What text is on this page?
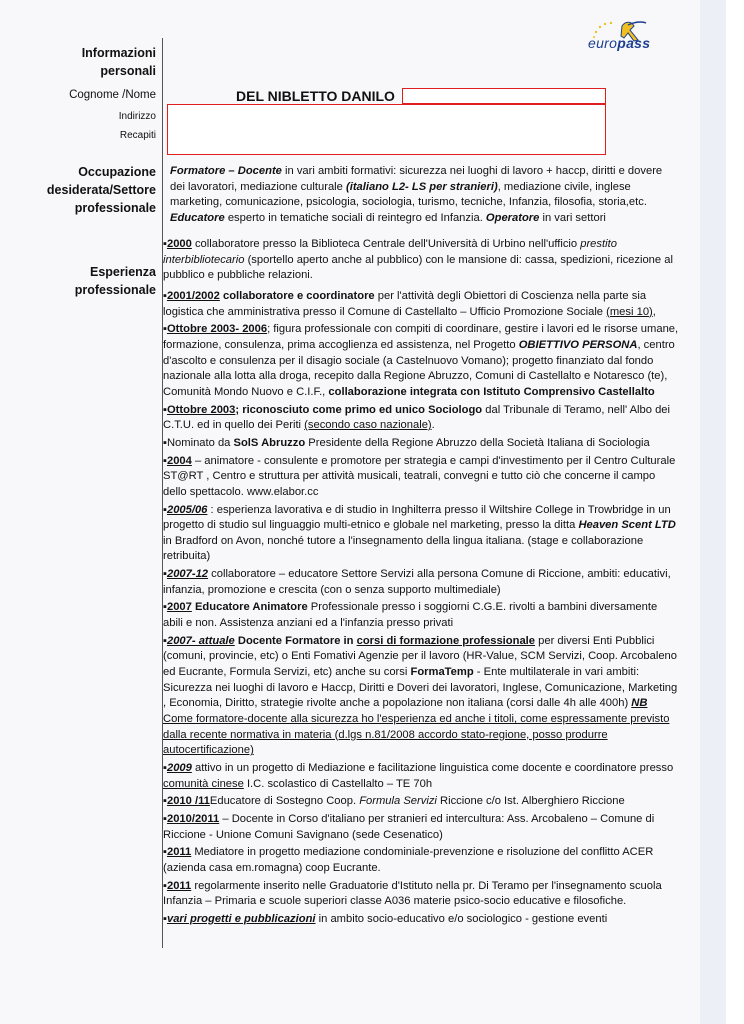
europass
Informazioni
personali
Cognome /Nome
Indirizzo
Recapiti
Occupazione
desiderata/Settore
professionale
Esperienza
professionale
DEL NIBLETTO DANILO
Formatore – Docente in vari ambiti formativi: sicurezza nei luoghi di lavoro + haccp, diritti e dovere dei lavoratori, mediazione culturale (italiano L2- LS per stranieri), mediazione civile, inglese marketing, comunicazione, psicologia, sociologia, turismo, tecniche, Infanzia, filosofia, storia,etc. Educatore esperto in tematiche sociali di reintegro ed Infanzia. Operatore in vari settori
▪2000 collaboratore presso la Biblioteca Centrale dell'Università di Urbino nell'ufficio prestito interbibliotecario (sportello aperto anche al pubblico) con le mansione di: cassa, spedizioni, ricezione al pubblico e pubbliche relazioni.
▪2001/2002 collaboratore e coordinatore per l'attività degli Obiettori di Coscienza nella parte sia logistica che amministrativa presso il Comune di Castellalto – Ufficio Promozione Sociale (mesi 10),
▪Ottobre 2003- 2006; figura professionale con compiti di coordinare, gestire i lavori ed le risorse umane, formazione, consulenza, prima accoglienza ed assistenza, nel Progetto OBIETTIVO PERSONA, centro d'ascolto e consulenza per il disagio sociale (a Castelnuovo Vomano); progetto finanziato dal fondo nazionale alla lotta alla droga, recepito dalla Regione Abruzzo, Comuni di Castellalto e Notaresco (te), Comunità Mondo Nuovo e C.I.F., collaborazione integrata con Istituto Comprensivo Castellalto
▪Ottobre 2003; riconosciuto come primo ed unico Sociologo dal Tribunale di Teramo, nell' Albo dei C.T.U. ed in quello dei Periti (secondo caso nazionale).
▪Nominato da SolS Abruzzo Presidente della Regione Abruzzo della Società Italiana di Sociologia
▪2004 – animatore - consulente e promotore per strategia e campi d'investimento per il Centro Culturale ST@RT , Centro e struttura per attività musicali, teatrali, convegni e tutto ciò che concerne il campo dello spettacolo. www.elabor.cc
▪2005/06 : esperienza lavorativa e di studio in Inghilterra presso il Wiltshire College in Trowbridge in un progetto di studio sul linguaggio multi-etnico e globale nel marketing, presso la ditta Heaven Scent LTD in Bradford on Avon, nonché tutore a l'insegnamento della lingua italiana. (stage e collaborazione retribuita)
▪2007-12 collaboratore – educatore Settore Servizi alla persona Comune di Riccione, ambiti: educativi, infanzia, promozione e crescita (con o senza supporto multimediale)
▪2007 Educatore Animatore Professionale presso i soggiorni C.G.E. rivolti a bambini diversamente abili e non. Assistenza anziani ed a l'infanzia presso privati
▪2007- attuale Docente Formatore in corsi di formazione professionale per diversi Enti Pubblici (comuni, provincie, etc) o Enti Fomativi Agenzie per il lavoro (HR-Value, SCM Servizi, Coop. Arcobaleno ed Eucrante, Formula Servizi, etc) anche su corsi FormaTemp - Ente multilaterale in vari ambiti: Sicurezza nei luoghi di lavoro e Haccp, Diritti e Doveri dei lavoratori, Inglese, Comunicazione, Marketing , Economia, Diritto, strategie rivolte anche a popolazione non italiana (corsi dalle 4h alle 400h) NB Come formatore-docente alla sicurezza ho l'esperienza ed anche i titoli, come espressamente previsto dalla recente normativa in materia (d.lgs n.81/2008 accordo stato-regione, posso produrre autocertificazione)
▪2009 attivo in un progetto di Mediazione e facilitazione linguistica come docente e coordinatore presso comunità cinese I.C. scolastico di Castellalto – TE 70h
▪2010 /11Educatore di Sostegno Coop. Formula Servizi Riccione c/o Ist. Alberghiero Riccione
▪2010/2011 – Docente in Corso d'italiano per stranieri ed intercultura: Ass. Arcobaleno – Comune di Riccione - Unione Comuni Savignano (sede Cesenatico)
▪2011 Mediatore in progetto mediazione condominiale-prevenzione e risoluzione del conflitto ACER (azienda casa em.romagna) coop Eucrante.
▪2011 regolarmente inserito nelle Graduatorie d'Istituto nella pr. Di Teramo per l'insegnamento scuola Infanzia – Primaria e scuole superiori classe A036 materie psico-socio educative e filosofiche.
▪vari progetti e pubblicazioni in ambito socio-educativo e/o sociologico - gestione eventi
